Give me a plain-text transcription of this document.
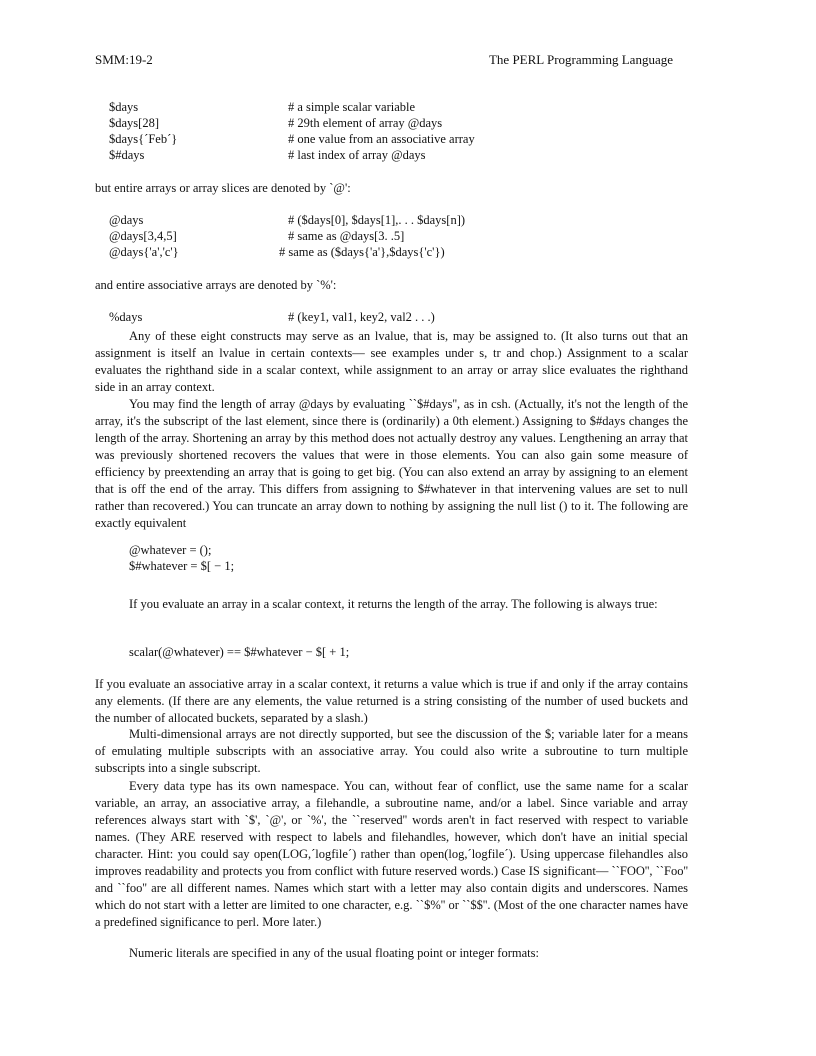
SMM:19-2	The PERL Programming Language
$days	# a simple scalar variable
$days[28]	# 29th element of array @days
$days{´Feb´}	# one value from an associative array
$#days	# last index of array @days
but entire arrays or array slices are denoted by `@':
@days	# ($days[0], $days[1],. . . $days[n])
@days[3,4,5]	# same as @days[3. .5]
@days{'a','c'}	# same as ($days{'a'},$days{'c'})
and entire associative arrays are denoted by `%':
%days	# (key1, val1, key2, val2 . . .)
Any of these eight constructs may serve as an lvalue, that is, may be assigned to. (It also turns out that an assignment is itself an lvalue in certain contexts— see examples under s, tr and chop.) Assignment to a scalar evaluates the righthand side in a scalar context, while assignment to an array or array slice evaluates the righthand side in an array context.
You may find the length of array @days by evaluating ``$#days'', as in csh. (Actually, it's not the length of the array, it's the subscript of the last element, since there is (ordinarily) a 0th element.) Assigning to $#days changes the length of the array. Shortening an array by this method does not actually destroy any values. Lengthening an array that was previously shortened recovers the values that were in those elements. You can also gain some measure of efficiency by preextending an array that is going to get big. (You can also extend an array by assigning to an element that is off the end of the array. This differs from assigning to $#whatever in that intervening values are set to null rather than recovered.) You can truncate an array down to nothing by assigning the null list () to it. The following are exactly equivalent
@whatever = ();
$#whatever = $[ − 1;
If you evaluate an array in a scalar context, it returns the length of the array. The following is always true:
scalar(@whatever) == $#whatever − $[ + 1;
If you evaluate an associative array in a scalar context, it returns a value which is true if and only if the array contains any elements. (If there are any elements, the value returned is a string consisting of the number of used buckets and the number of allocated buckets, separated by a slash.)
Multi-dimensional arrays are not directly supported, but see the discussion of the $; variable later for a means of emulating multiple subscripts with an associative array. You could also write a subroutine to turn multiple subscripts into a single subscript.
Every data type has its own namespace. You can, without fear of conflict, use the same name for a scalar variable, an array, an associative array, a filehandle, a subroutine name, and/or a label. Since variable and array references always start with `$', `@', or `%', the ``reserved'' words aren't in fact reserved with respect to variable names. (They ARE reserved with respect to labels and filehandles, however, which don't have an initial special character. Hint: you could say open(LOG,´logfile´) rather than open(log,´logfile´). Using uppercase filehandles also improves readability and protects you from conflict with future reserved words.) Case IS significant— ``FOO'', ``Foo'' and ``foo'' are all different names. Names which start with a letter may also contain digits and underscores. Names which do not start with a letter are limited to one character, e.g. ``$%'' or ``$$''. (Most of the one character names have a predefined significance to perl. More later.)
Numeric literals are specified in any of the usual floating point or integer formats:
